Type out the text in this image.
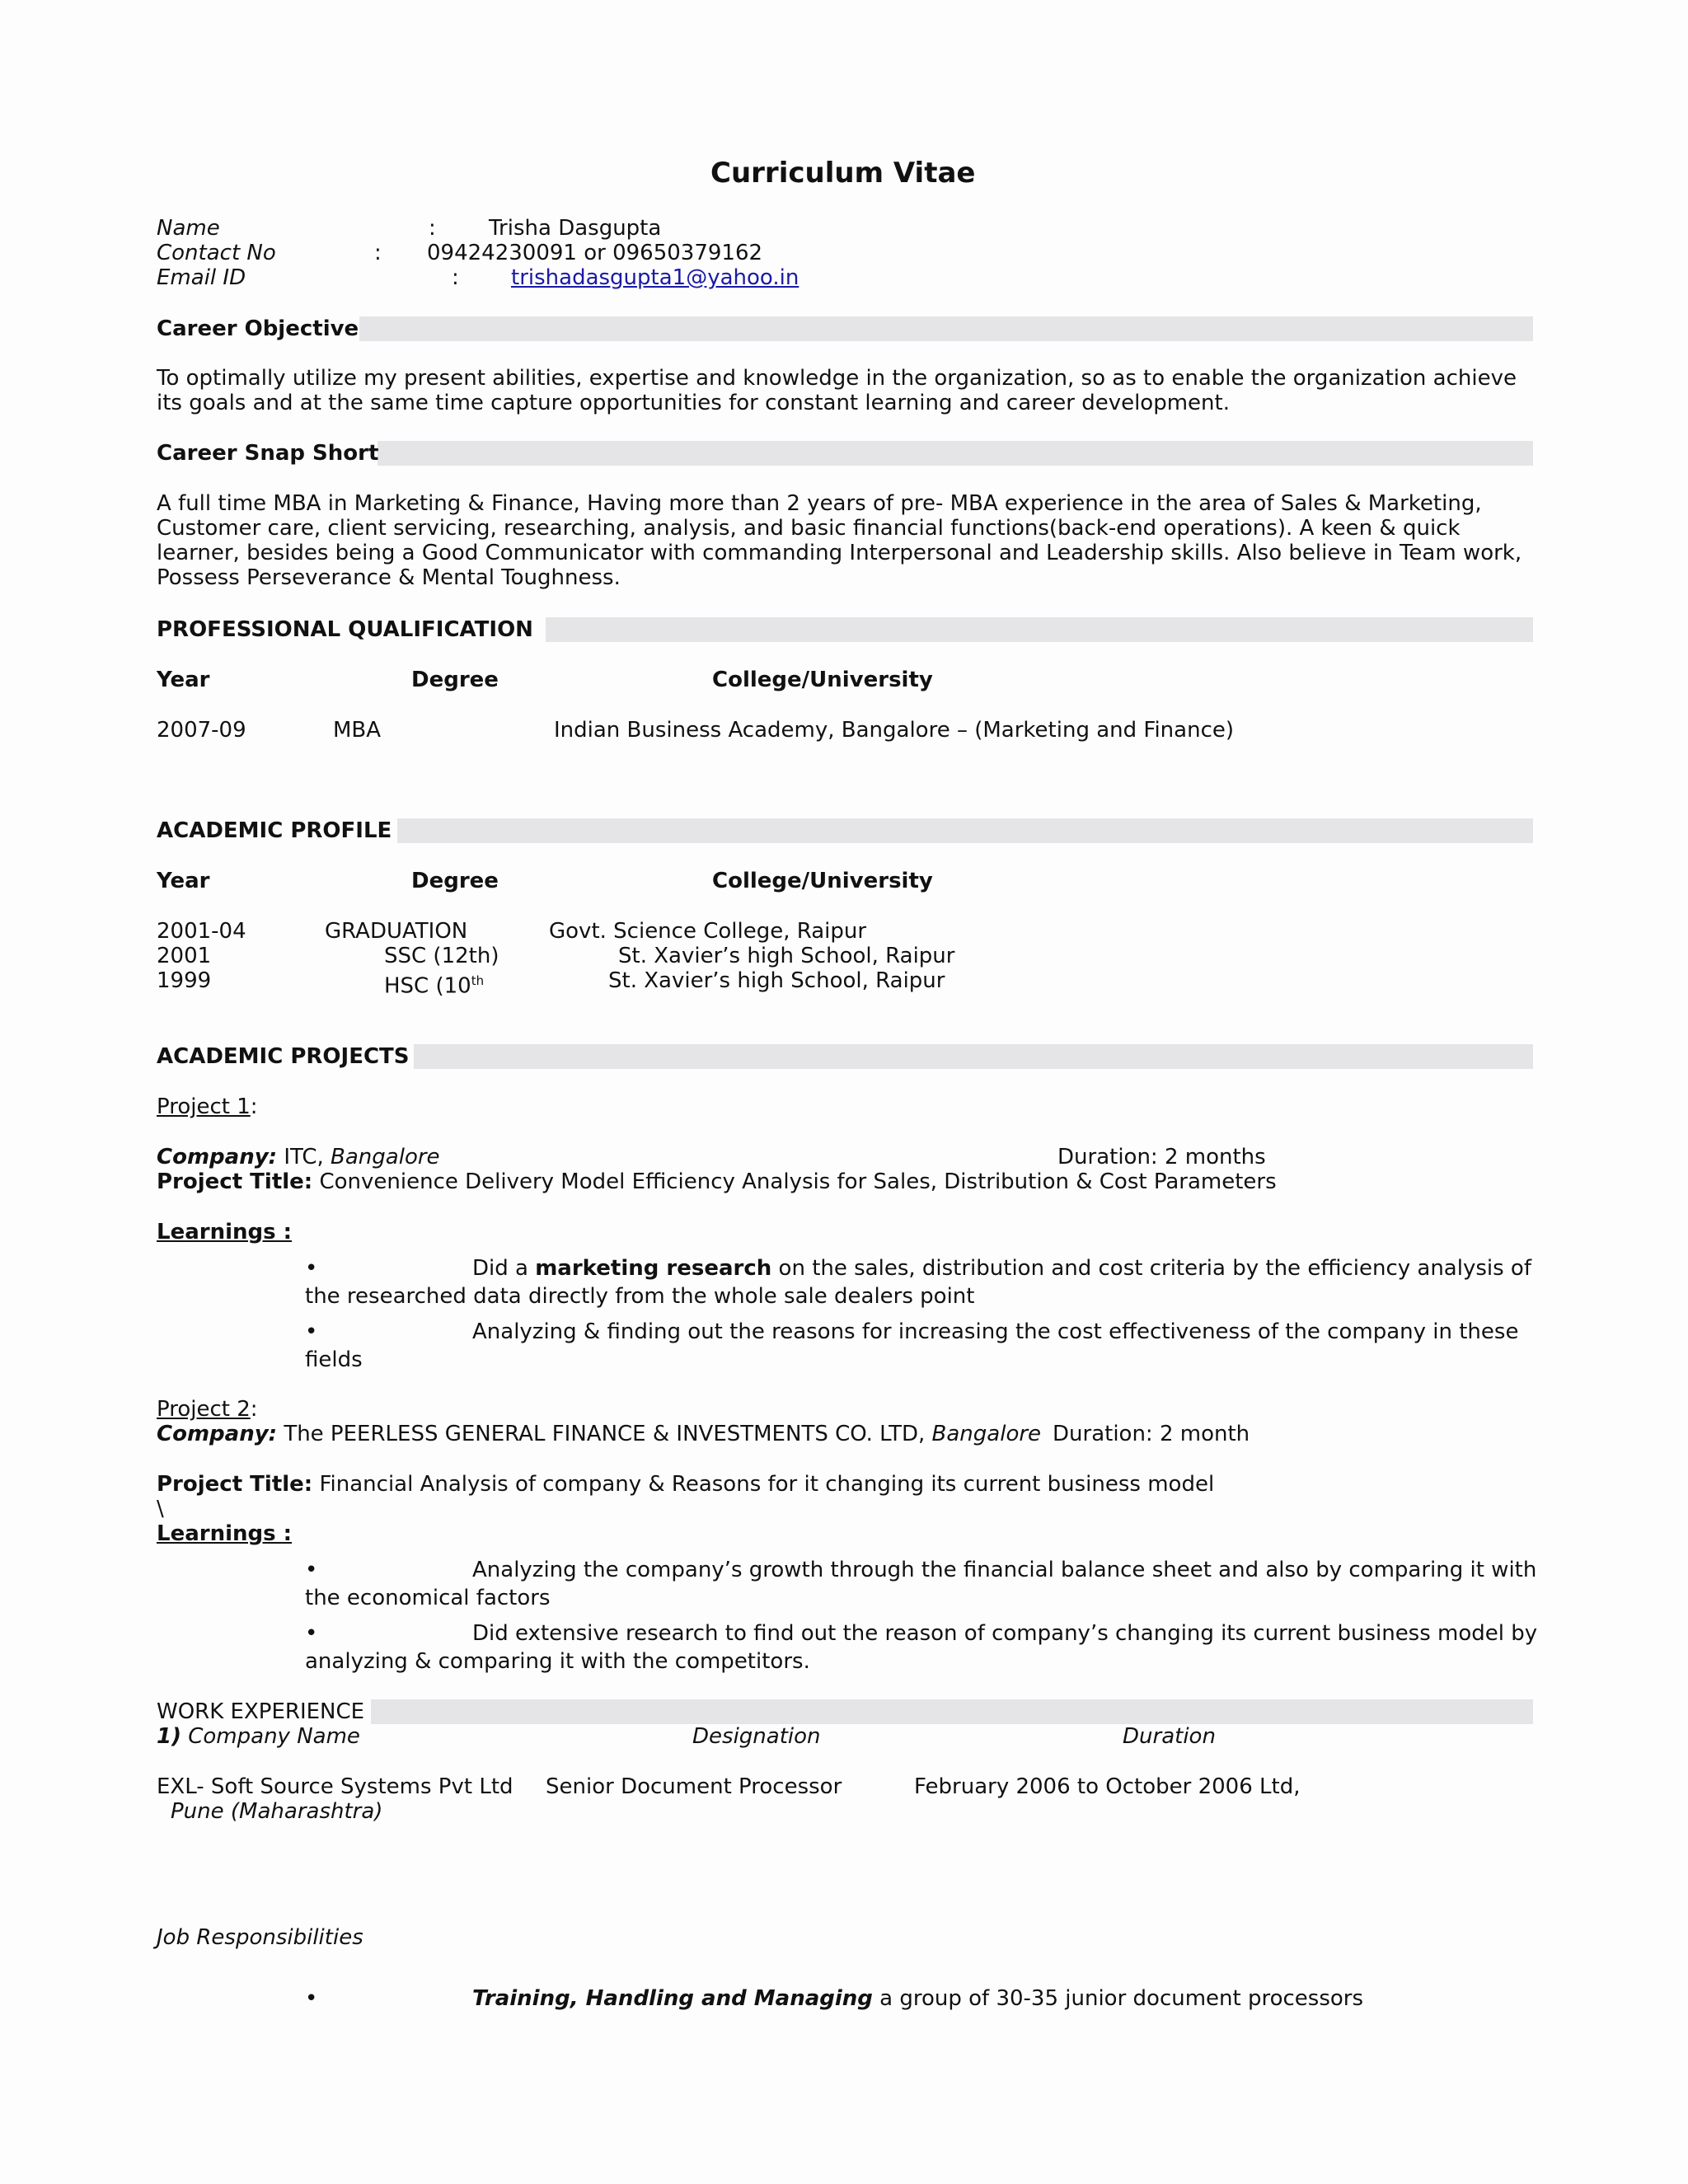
Curriculum Vitae
Name	: Trisha Dasgupta
Contact No	: 09424230091 or 09650379162
Email ID	: trishadasgupta1@yahoo.in
Career Objective
To optimally utilize my present abilities, expertise and knowledge in the organization, so as to enable the organization achieve its goals and at the same time capture opportunities for constant learning and career development.
Career Snap Short
A full time MBA in Marketing & Finance, Having more than 2 years of pre- MBA experience in the area of Sales & Marketing, Customer care, client servicing, researching, analysis, and basic financial functions(back-end operations). A keen & quick learner, besides being a Good Communicator with commanding Interpersonal and Leadership skills. Also believe in Team work, Possess Perseverance & Mental Toughness.
PROFESSIONAL QUALIFICATION
Year	Degree	College/University
2007-09	MBA	Indian Business Academy, Bangalore – (Marketing and Finance)
ACADEMIC PROFILE
Year	Degree	College/University
2001-04	GRADUATION	Govt. Science College, Raipur
2001	SSC (12th)	St. Xavier’s high School, Raipur
1999	HSC (10th	St. Xavier’s high School, Raipur
ACADEMIC PROJECTS
Project 1:
Company: ITC, Bangalore	Duration: 2 months
Project Title: Convenience Delivery Model Efficiency Analysis for Sales, Distribution & Cost Parameters
Learnings :
•	Did a marketing research on the sales, distribution and cost criteria by the efficiency analysis of
the researched data directly from the whole sale dealers point
•	Analyzing & finding out the reasons for increasing the cost effectiveness of the company in these
fields
Project 2:
Company: The PEERLESS GENERAL FINANCE & INVESTMENTS CO. LTD, Bangalore Duration: 2 month
Project Title: Financial Analysis of company & Reasons for it changing its current business model
\
Learnings :
•	Analyzing the company’s growth through the financial balance sheet and also by comparing it with
the economical factors
•	Did extensive research to find out the reason of company’s changing its current business model by
analyzing & comparing it with the competitors.
WORK EXPERIENCE
1) Company Name	Designation	Duration
EXL- Soft Source Systems Pvt Ltd Senior Document Processor	February 2006 to October 2006 Ltd,
Pune (Maharashtra)
Job Responsibilities
•	Training, Handling and Managing a group of 30-35 junior document processors
